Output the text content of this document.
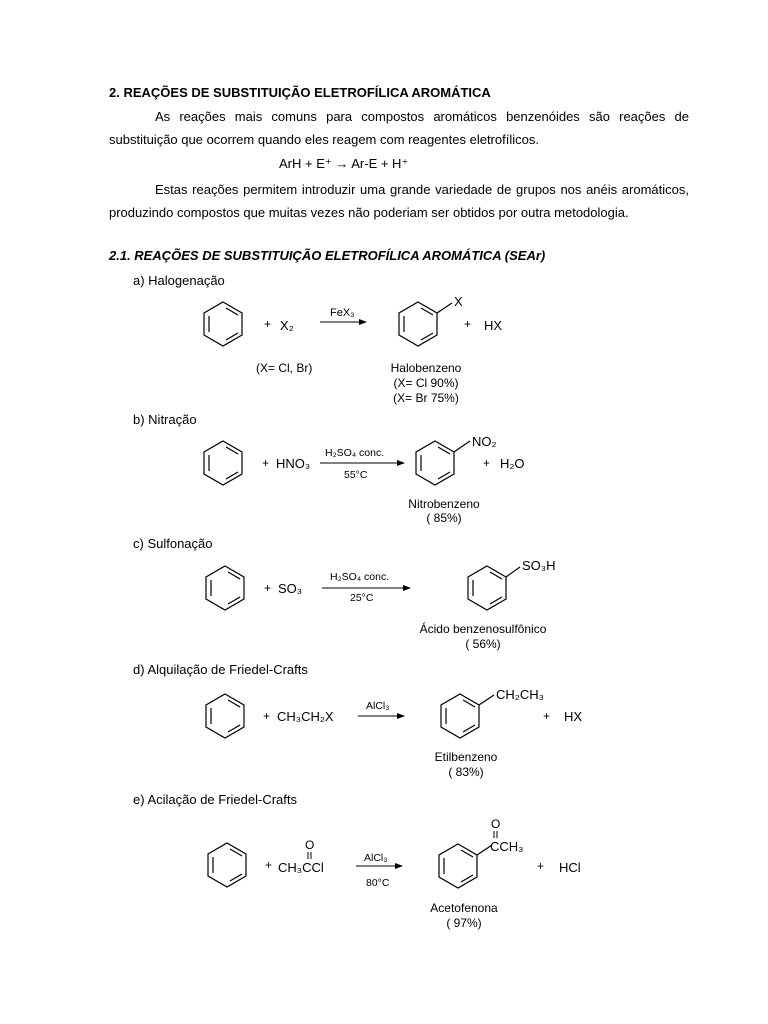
2. REAÇÕES DE SUBSTITUIÇÃO ELETROFÍLICA AROMÁTICA
As reações mais comuns para compostos aromáticos benzenóides são reações de substituição que ocorrem quando eles reagem com reagentes eletrofílicos.
ArH + E⁺ → Ar-E + H⁺
Estas reações permitem introduzir uma grande variedade de grupos nos anéis aromáticos, produzindo compostos que muitas vezes não poderiam ser obtidos por outra metodologia.
2.1. REAÇÕES DE SUBSTITUIÇÃO ELETROFÍLICA AROMÁTICA (SEAr)
a) Halogenação
b) Nitração
c) Sulfonação
d) Alquilação de Friedel-Crafts
e) Acilação de Friedel-Crafts
+ X₂
FeX₃
X
+ HX
(X= Cl, Br)	Halobenzeno
(X= Cl 90%)
(X= Br 75%)
+ HNO₃
H₂SO₄ conc.
55°C
NO₂
+ H₂O
Nitrobenzeno
( 85%)
+ SO₃
H₂SO₄ conc.
25°C
SO₃H
Ácido benzenosulfônico
( 56%)
+ CH₃CH₂X
AlCl₃
CH₂CH₃
+ HX
Etilbenzeno
( 83%)
+
O
CH₃CCl
AlCl₃
80°C
O
CCH₃
+ HCl
Acetofenona
( 97%)
